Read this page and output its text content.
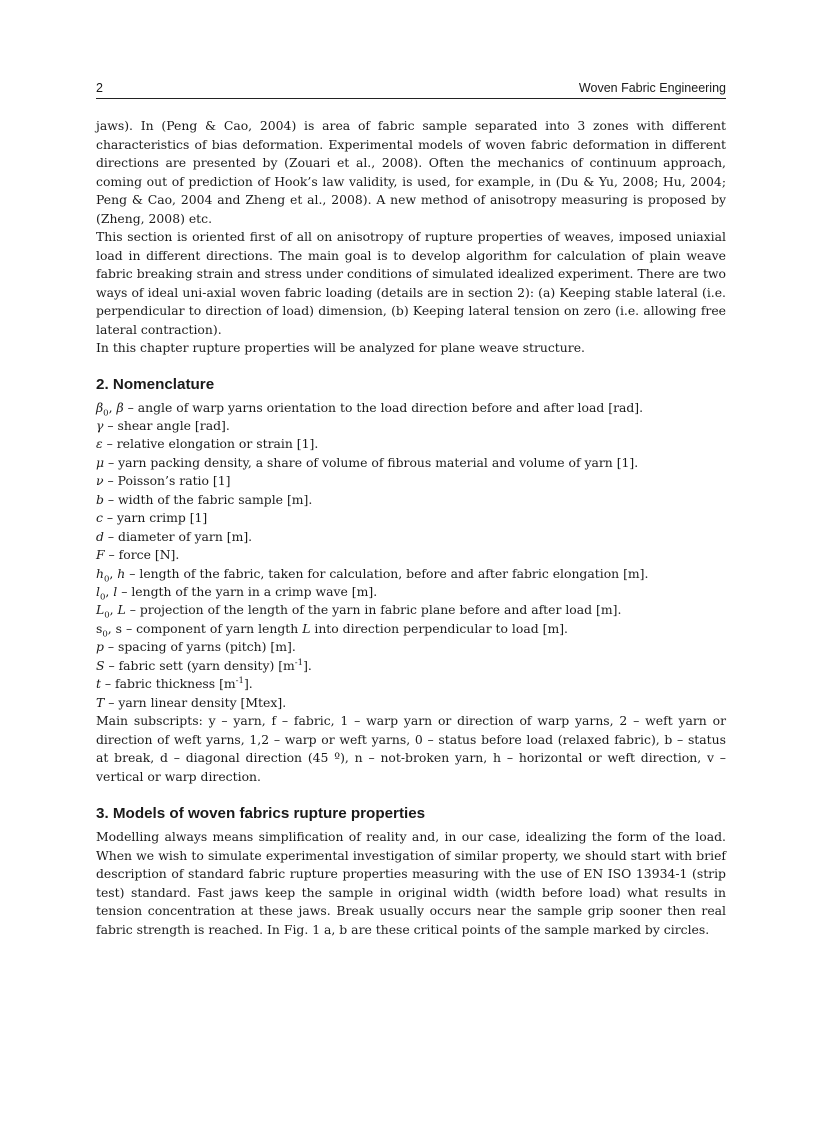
2	Woven Fabric Engineering

jaws). In (Peng & Cao, 2004) is area of fabric sample separated into 3 zones with different characteristics of bias deformation. Experimental models of woven fabric deformation in different directions are presented by (Zouari et al., 2008). Often the mechanics of continuum approach, coming out of prediction of Hook’s law validity, is used, for example, in (Du & Yu, 2008; Hu, 2004; Peng & Cao, 2004 and Zheng et al., 2008). A new method of anisotropy measuring is proposed by (Zheng, 2008) etc.

This section is oriented first of all on anisotropy of rupture properties of weaves, imposed uniaxial load in different directions. The main goal is to develop algorithm for calculation of plain weave fabric breaking strain and stress under conditions of simulated idealized experiment. There are two ways of ideal uni-axial woven fabric loading (details are in section 2): (a) Keeping stable lateral (i.e. perpendicular to direction of load) dimension, (b) Keeping lateral tension on zero (i.e. allowing free lateral contraction).

In this chapter rupture properties will be analyzed for plane weave structure.

2. Nomenclature
$\beta_0$, β – angle of warp yarns orientation to the load direction before and after load [rad].
γ – shear angle [rad].
ε – relative elongation or strain [1].
μ – yarn packing density, a share of volume of fibrous material and volume of yarn [1].
ν – Poisson’s ratio [1]
b – width of the fabric sample [m].
c – yarn crimp [1]
d – diameter of yarn [m].
F – force [N].
$h_0$, h – length of the fabric, taken for calculation, before and after fabric elongation [m].
$l_0$, l – length of the yarn in a crimp wave [m].
$L_0$, L – projection of the length of the yarn in fabric plane before and after load [m].
$s_0$, s – component of yarn length L into direction perpendicular to load [m].
p – spacing of yarns (pitch) [m].
S – fabric sett (yarn density) $[m^{-1}]$.
t – fabric thickness $[m^{-1}]$.
T – yarn linear density [Mtex].

Main subscripts: y – yarn, f – fabric, 1 – warp yarn or direction of warp yarns, 2 – weft yarn or direction of weft yarns, 1,2 – warp or weft yarns, 0 – status before load (relaxed fabric), b – status at break, d – diagonal direction (45 º), n – not-broken yarn, h – horizontal or weft direction, v – vertical or warp direction.

3. Models of woven fabrics rupture properties

Modelling always means simplification of reality and, in our case, idealizing the form of the load. When we wish to simulate experimental investigation of similar property, we should start with brief description of standard fabric rupture properties measuring with the use of EN ISO 13934-1 (strip test) standard. Fast jaws keep the sample in original width (width before load) what results in tension concentration at these jaws. Break usually occurs near the sample grip sooner then real fabric strength is reached. In Fig. 1 a, b are these critical points of the sample marked by circles.
